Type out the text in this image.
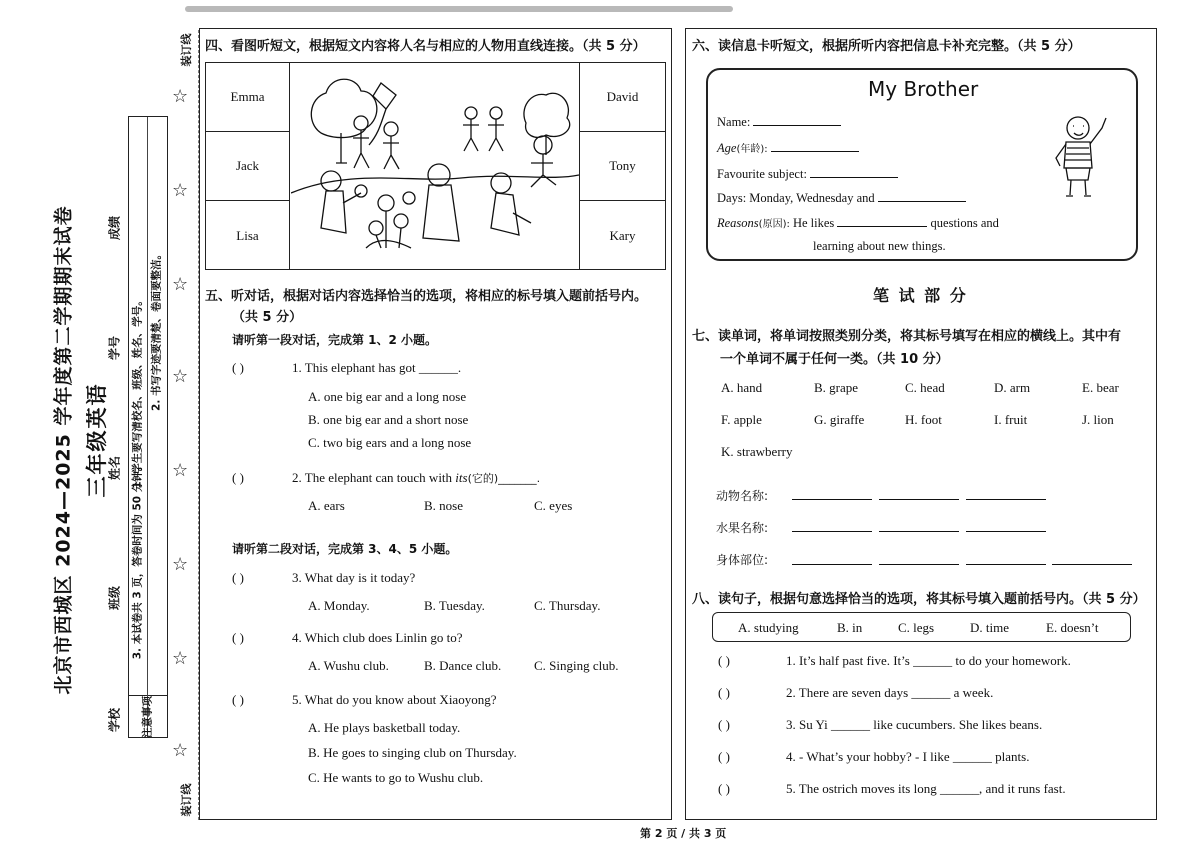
北京市西城区 2024—2025 学年度第二学期期末试卷 三年级英语
学校
班级
姓名
学号
成绩
注意事项
1. 学生要写清校名、班级、姓名、学号。
3. 本试卷共 3 页，答卷时间为 50 分钟。
2. 书写字迹要清楚、卷面要整洁。
装订线
装订线
☆
☆
☆
☆
☆
☆
☆
☆
四、看图听短文，根据短文内容将人名与相应的人物用直线连接。（共 5 分）
Emma
Jack
Lisa
David
Tony
Kary
五、听对话，根据对话内容选择恰当的选项，将相应的标号填入题前括号内。
（共 5 分）
请听第一段对话，完成第 1、2 小题。
( )	1. This elephant has got ______.
A. one big ear and a long nose
B. one big ear and a short nose
C. two big ears and a long nose
( )	2. The elephant can touch with its(它的)_______.
A. ears	B. nose	C. eyes
请听第二段对话，完成第 3、4、5 小题。
( )	3. What day is it today?
A. Monday.	B. Tuesday.	C. Thursday.
( )	4. Which club does Linlin go to?
A. Wushu club.	B. Dance club.	C. Singing club.
( )	5. What do you know about Xiaoyong?
A. He plays basketball today.
B. He goes to singing club on Thursday.
C. He wants to go to Wushu club.
六、读信息卡听短文，根据所听内容把信息卡补充完整。（共 5 分）
My Brother
Name:
Age(年龄):
Favourite subject:
Days: Monday, Wednesday and
Reasons(原因): He likes	questions and
learning about new things.
笔 试 部 分
七、读单词，将单词按照类别分类，将其标号填写在相应的横线上。其中有
一个单词不属于任何一类。（共 10 分）
A. hand	B. grape	C. head	D. arm	E. bear
F. apple	G. giraffe	H. foot	I. fruit	J. lion
K. strawberry
动物名称:
水果名称:
身体部位:
八、读句子，根据句意选择恰当的选项，将其标号填入题前括号内。（共 5 分）
A. studying	B. in	C. legs	D. time	E. doesn’t
( )	1. It’s half past five. It’s ______ to do your homework.
( )	2. There are seven days ______ a week.
( )	3. Su Yi ______ like cucumbers. She likes beans.
( )	4. - What’s your hobby? - I like ______ plants.
( )	5. The ostrich moves its long ______, and it runs fast.
第 2 页 / 共 3 页
